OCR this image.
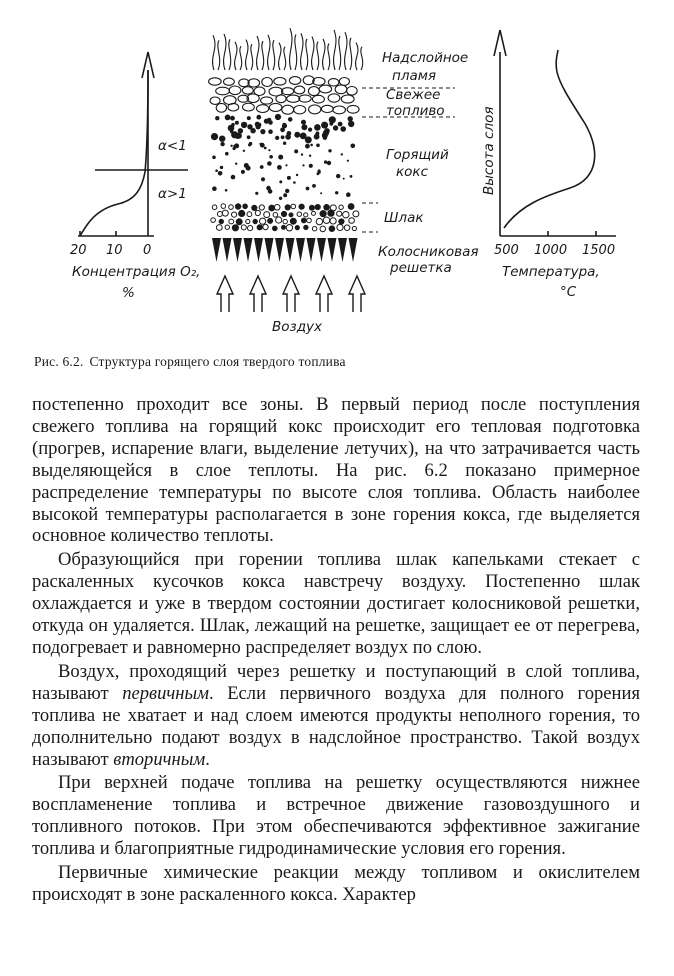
α<1
α>1
20 10 0
Концентрация O₂,
%
Надслойное
пламя
Свежее
топливо
Горящий
кокс
Шлак
Колосниковая
решетка
Воздух
Высота слоя
500 1000 1500
Температура,
°С
Рис. 6.2. Структура горящего слоя твердого топлива

постепенно проходит все зоны. В первый период после поступления свежего топлива на горящий кокс происходит его тепловая подготовка (прогрев, испарение влаги, выделение летучих), на что затрачивается часть выделяющейся в слое теплоты. На рис. 6.2 показано примерное распределение температуры по высоте слоя топлива. Область наиболее высокой температуры располагается в зоне горения кокса, где выделяется основное количество теплоты.

Образующийся при горении топлива шлак капельками стекает с раскаленных кусочков кокса навстречу воздуху. Постепенно шлак охлаждается и уже в твердом состоянии достигает колосниковой решетки, откуда он удаляется. Шлак, лежащий на решетке, защищает ее от перегрева, подогревает и равномерно распределяет воздух по слою.

Воздух, проходящий через решетку и поступающий в слой топлива, называют первичным. Если первичного воздуха для полного горения топлива не хватает и над слоем имеются продукты неполного горения, то дополнительно подают воздух в надслойное пространство. Такой воздух называют вторичным.

При верхней подаче топлива на решетку осуществляются нижнее воспламенение топлива и встречное движение газовоздушного и топливного потоков. При этом обеспечиваются эффективное зажигание топлива и благоприятные гидродинамические условия его горения.

Первичные химические реакции между топливом и окислителем происходят в зоне раскаленного кокса. Характер
